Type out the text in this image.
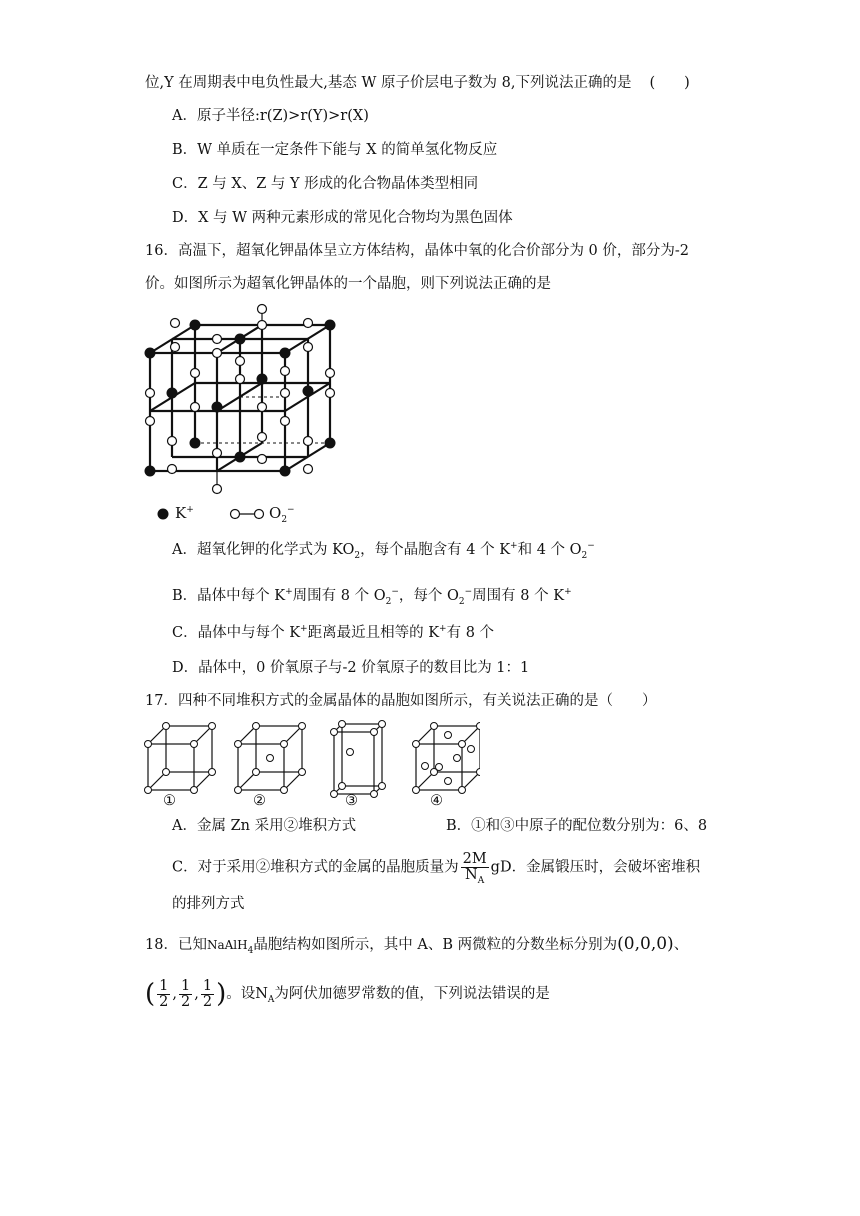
位,Y 在周期表中电负性最大,基态 W 原子价层电子数为 8,下列说法正确的是 (　　)
A．原子半径:r(Z)>r(Y)>r(X)
B．W 单质在一定条件下能与 X 的简单氢化物反应
C．Z 与 X、Z 与 Y 形成的化合物晶体类型相同
D．X 与 W 两种元素形成的常见化合物均为黑色固体
16．高温下，超氧化钾晶体呈立方体结构，晶体中氧的化合价部分为 0 价，部分为-2
价。如图所示为超氧化钾晶体的一个晶胞，则下列说法正确的是
K+	$O_2^-$
A．超氧化钾的化学式为 $KO_2$，每个晶胞含有 4 个 K+和 4 个 $O_2^-$
B．晶体中每个 K+周围有 8 个 $O_2^-$，每个 $O_2^-$周围有 8 个 K+
C．晶体中与每个 K+距离最近且相等的 K+有 8 个
D．晶体中，0 价氧原子与-2 价氧原子的数目比为 1：1
17．四种不同堆积方式的金属晶体的晶胞如图所示，有关说法正确的是（　　）
①	②	③	④
A．金属 Zn 采用②堆积方式	B．①和③中原子的配位数分别为：6、8
C．对于采用②堆积方式的金属的晶胞质量为 $\frac{2M}{N_A}$ gD．金属锻压时，会破坏密堆积
的排列方式
18．已知NaAlH$_4$晶胞结构如图所示，其中 A、B 两微粒的分数坐标分别为(0,0,0)、
( $\frac{1}{2}$ , $\frac{1}{2}$ , $\frac{1}{2}$ )。设$N_A$为阿伏加德罗常数的值，下列说法错误的是
